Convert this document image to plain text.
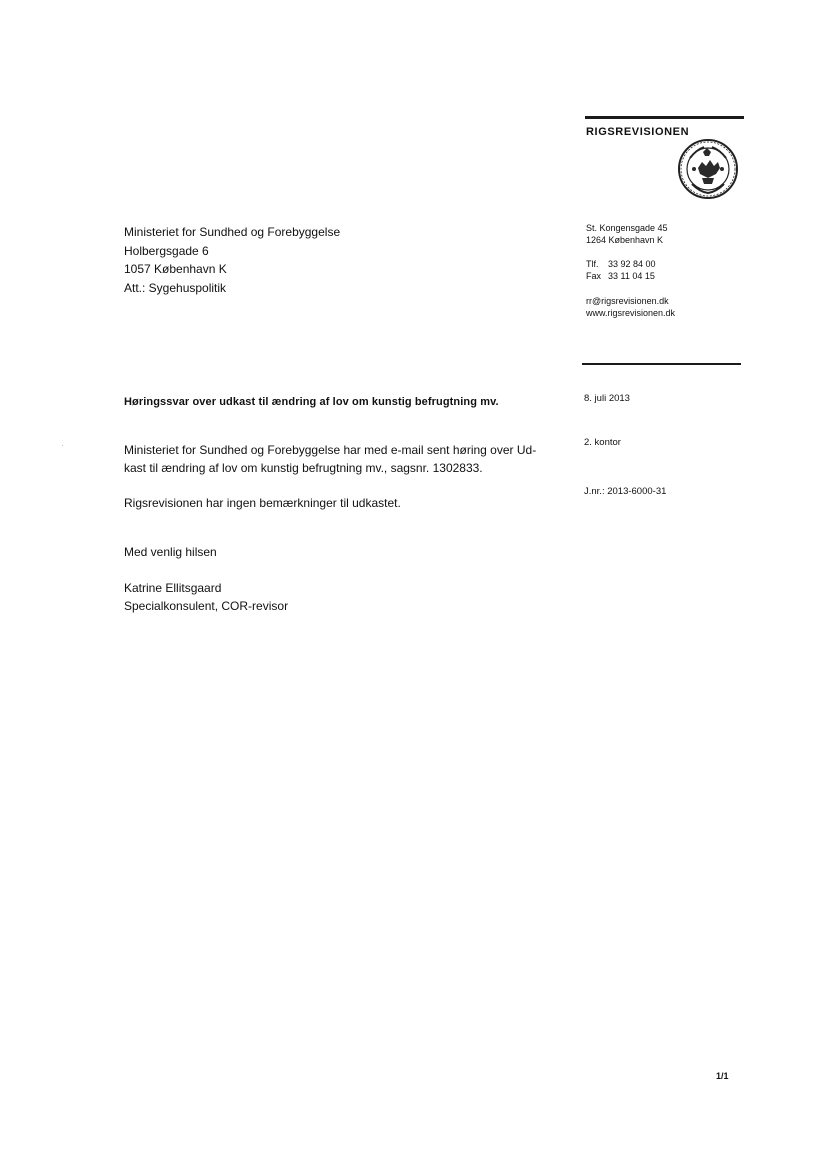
RIGSREVISIONEN
Ministeriet for Sundhed og Forebyggelse
Holbergsgade 6
1057 København K
Att.: Sygehuspolitik
St. Kongensgade 45
1264 København K
Tlf. 33 92 84 00
Fax 33 11 04 15
rr@rigsrevisionen.dk
www.rigsrevisionen.dk
Høringssvar over udkast til ændring af lov om kunstig befrugtning mv.	8. juli 2013
2. kontor
J.nr.: 2013-6000-31
Ministeriet for Sundhed og Forebyggelse har med e-mail sent høring over Ud-
kast til ændring af lov om kunstig befrugtning mv., sagsnr. 1302833.
Rigsrevisionen har ingen bemærkninger til udkastet.
Med venlig hilsen
Katrine Ellitsgaard
Specialkonsulent, COR-revisor
1/1
